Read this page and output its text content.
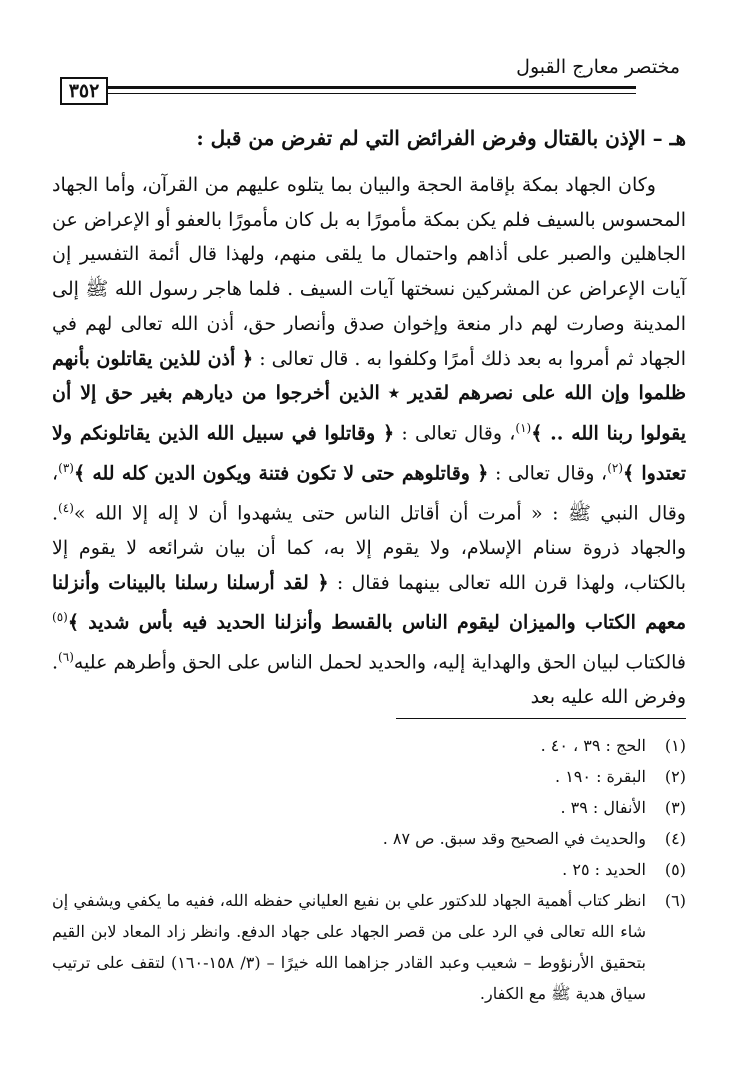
مختصر معارج القبول
٣٥٢
هـ – الإذن بالقتال وفرض الفرائض التي لم تفرض من قبل :

وكان الجهاد بمكة بإقامة الحجة والبيان بما يتلوه عليهم من القرآن، وأما الجهاد المحسوس بالسيف فلم يكن بمكة مأمورًا به بل كان مأمورًا بالعفو أو الإعراض عن الجاهلين والصبر على أذاهم واحتمال ما يلقى منهم، ولهذا قال أئمة التفسير إن آيات الإعراض عن المشركين نسختها آيات السيف . فلما هاجر رسول الله ﷺ إلى المدينة وصارت لهم دار منعة وإخوان صدق وأنصار حق، أذن الله تعالى لهم في الجهاد ثم أمروا به بعد ذلك أمرًا وكلفوا به . قال تعالى : ﴿ أذن للذين يقاتلون بأنهم ظلموا وإن الله على نصرهم لقدير ٭ الذين أخرجوا من ديارهم بغير حق إلا أن يقولوا ربنا الله .. ﴾$^{(١)}$، وقال تعالى : ﴿ وقاتلوا في سبيل الله الذين يقاتلونكم ولا تعتدوا ﴾$^{(٢)}$، وقال تعالى : ﴿ وقاتلوهم حتى لا تكون فتنة ويكون الدين كله لله ﴾$^{(٣)}$، وقال النبي ﷺ : « أمرت أن أقاتل الناس حتى يشهدوا أن لا إله إلا الله »$^{(٤)}$. والجهاد ذروة سنام الإسلام، ولا يقوم إلا به، كما أن بيان شرائعه لا يقوم إلا بالكتاب، ولهذا قرن الله تعالى بينهما فقال : ﴿ لقد أرسلنا رسلنا بالبينات وأنزلنا معهم الكتاب والميزان ليقوم الناس بالقسط وأنزلنا الحديد فيه بأس شديد ﴾$^{(٥)}$ فالكتاب لبيان الحق والهداية إليه، والحديد لحمل الناس على الحق وأطرهم عليه$^{(٦)}$. وفرض الله عليه بعد

(١)
الحج : ٣٩ ، ٤٠ .
(٢)
البقرة : ١٩٠ .
(٣)
الأنفال : ٣٩ .
(٤)
والحديث في الصحيح وقد سبق. ص ٨٧ .
(٥)
الحديد : ٢٥ .
(٦)
انظر كتاب أهمية الجهاد للدكتور علي بن نفيع العلياني حفظه الله، ففيه ما يكفي ويشفي إن شاء الله تعالى في الرد على من قصر الجهاد على جهاد الدفع. وانظر زاد المعاد لابن القيم بتحقيق الأرنؤوط – شعيب وعبد القادر جزاهما الله خيرًا – (٣/ ١٥٨-١٦٠) لتقف على ترتيب سياق هدية ﷺ مع الكفار.
